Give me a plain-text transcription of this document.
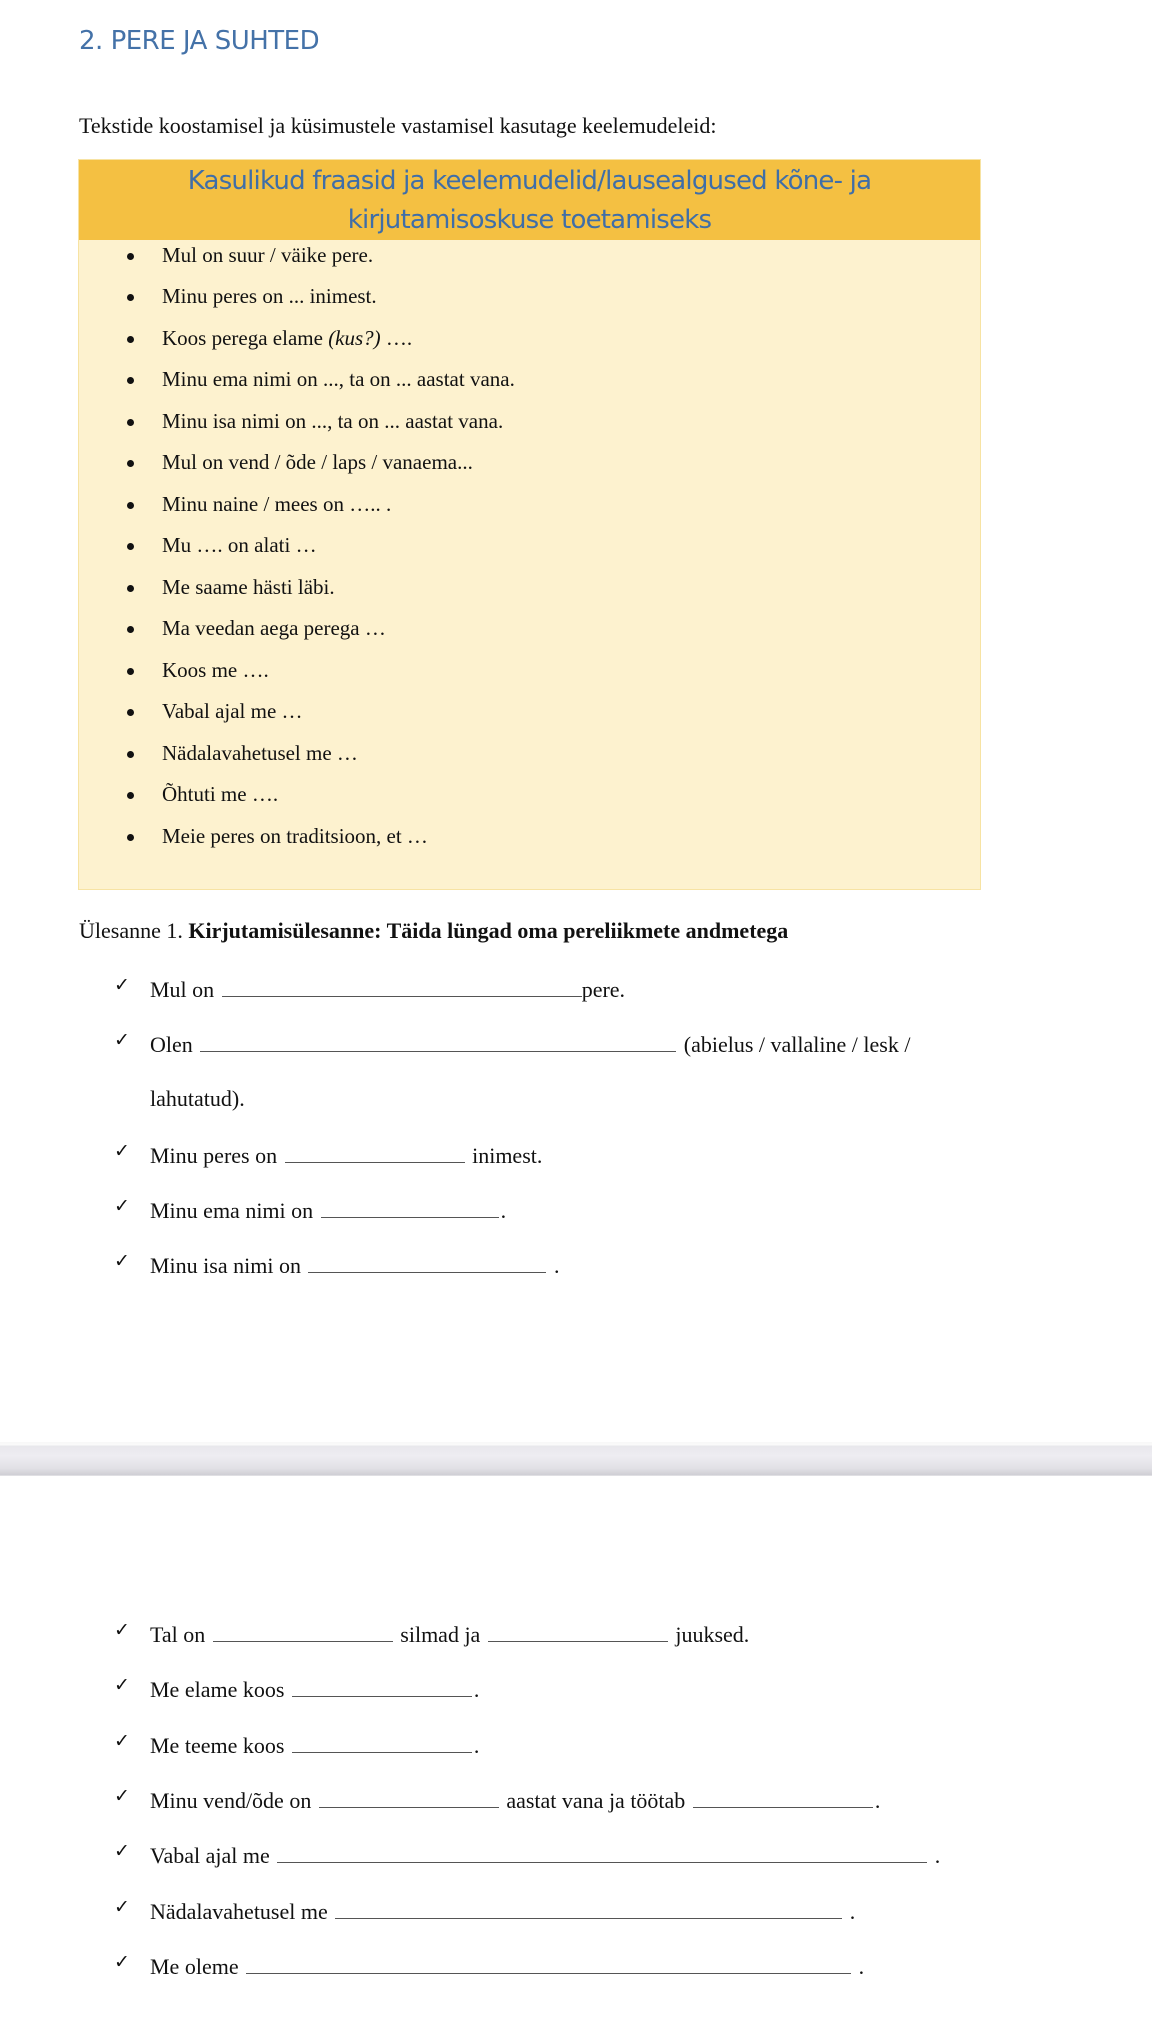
2. PERE JA SUHTED
Tekstide koostamisel ja küsimustele vastamisel kasutage keelemudeleid:
Kasulikud fraasid ja keelemudelid/lausealgused kõne- ja
kirjutamisoskuse toetamiseks
Mul on suur / väike pere.
Minu peres on ... inimest.
Koos perega elame (kus?) ….
Minu ema nimi on ..., ta on ... aastat vana.
Minu isa nimi on ..., ta on ... aastat vana.
Mul on vend / õde / laps / vanaema...
Minu naine / mees on ….. .
Mu …. on alati …
Me saame hästi läbi.
Ma veedan aega perega …
Koos me ….
Vabal ajal me …
Nädalavahetusel me …
Õhtuti me ….
Meie peres on traditsioon, et …
Ülesanne 1. Kirjutamisülesanne: Täida lüngad oma pereliikmete andmetega
✓ Mul on	pere.
✓ Olen	(abielus / vallaline / lesk /
lahutatud).
✓ Minu peres on	inimest.
✓ Minu ema nimi on	.
✓ Minu isa nimi on	.
✓ Tal on	silmad ja	juuksed.
✓ Me elame koos	.
✓ Me teeme koos	.
✓ Minu vend/õde on	aastat vana ja töötab	.
✓ Vabal ajal me	.
✓ Nädalavahetusel me	.
✓ Me oleme	.
